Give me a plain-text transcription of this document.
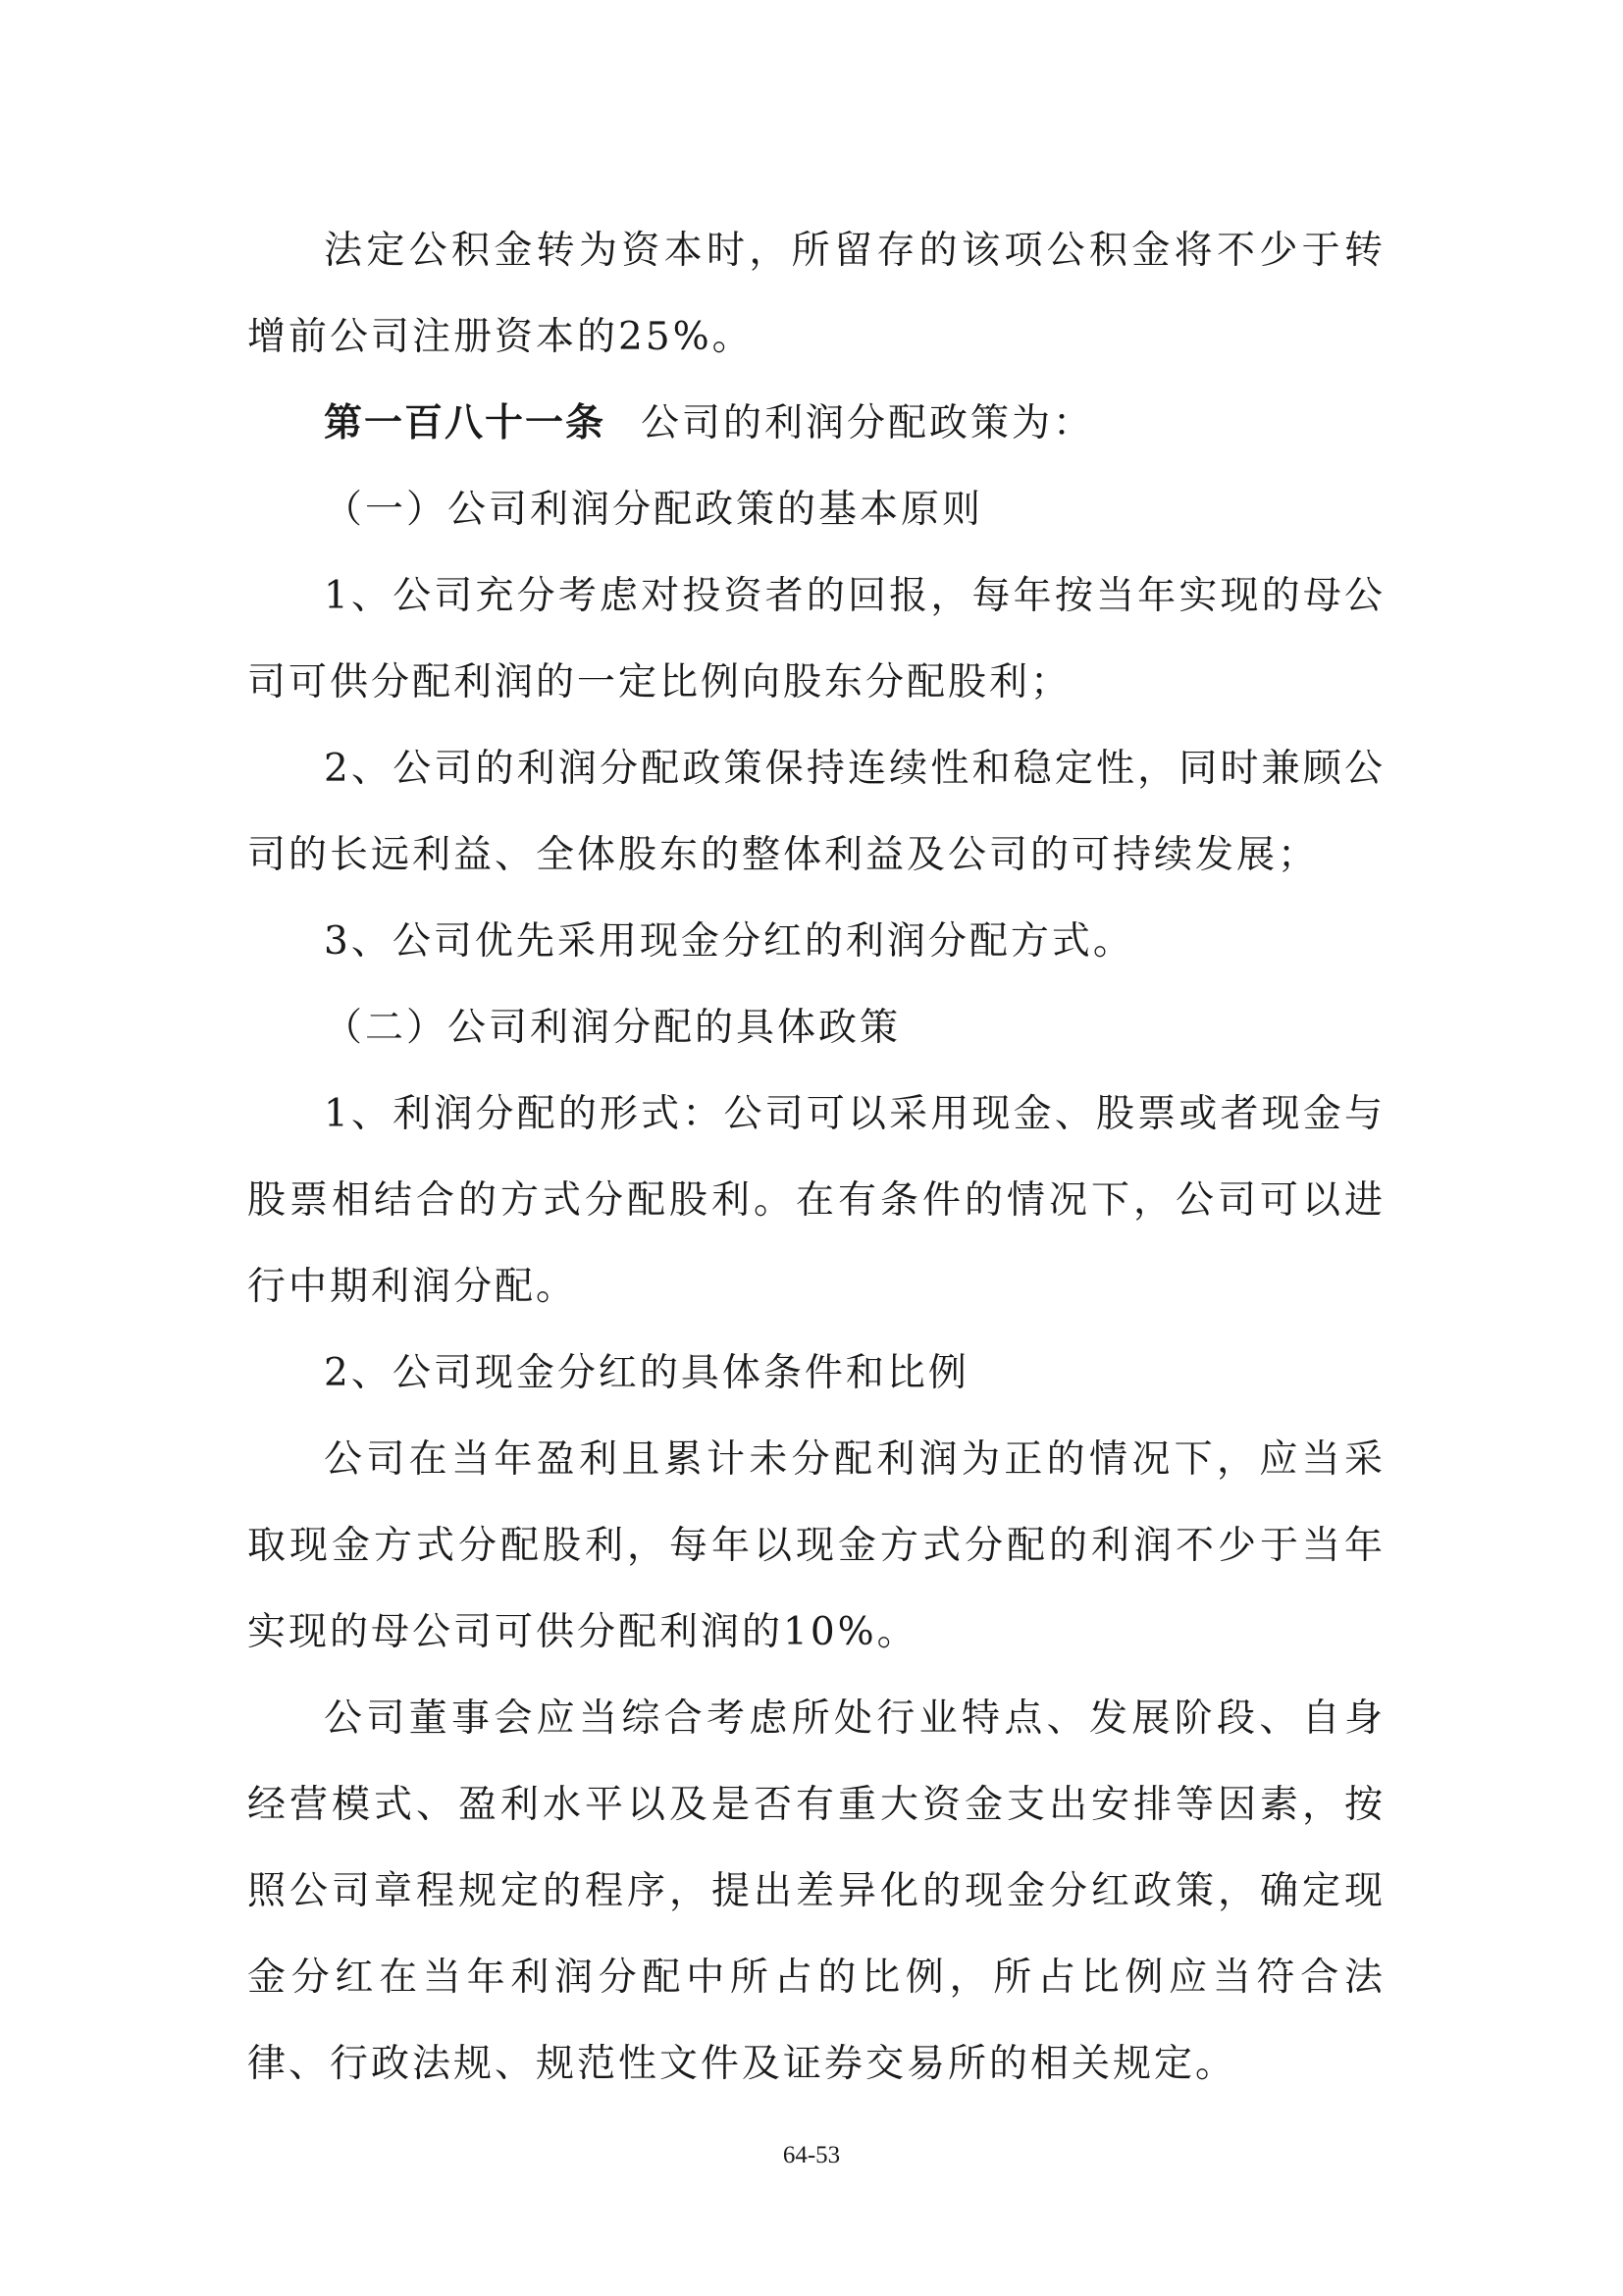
法定公积金转为资本时，所留存的该项公积金将不少于转增前公司注册资本的25%。

第一百八十一条 公司的利润分配政策为：

（一）公司利润分配政策的基本原则

1、公司充分考虑对投资者的回报，每年按当年实现的母公司可供分配利润的一定比例向股东分配股利；

2、公司的利润分配政策保持连续性和稳定性，同时兼顾公司的长远利益、全体股东的整体利益及公司的可持续发展；

3、公司优先采用现金分红的利润分配方式。

（二）公司利润分配的具体政策

1、利润分配的形式：公司可以采用现金、股票或者现金与股票相结合的方式分配股利。在有条件的情况下，公司可以进行中期利润分配。

2、公司现金分红的具体条件和比例

公司在当年盈利且累计未分配利润为正的情况下，应当采取现金方式分配股利，每年以现金方式分配的利润不少于当年实现的母公司可供分配利润的10%。

公司董事会应当综合考虑所处行业特点、发展阶段、自身经营模式、盈利水平以及是否有重大资金支出安排等因素，按照公司章程规定的程序，提出差异化的现金分红政策，确定现金分红在当年利润分配中所占的比例，所占比例应当符合法律、行政法规、规范性文件及证券交易所的相关规定。

64-53
